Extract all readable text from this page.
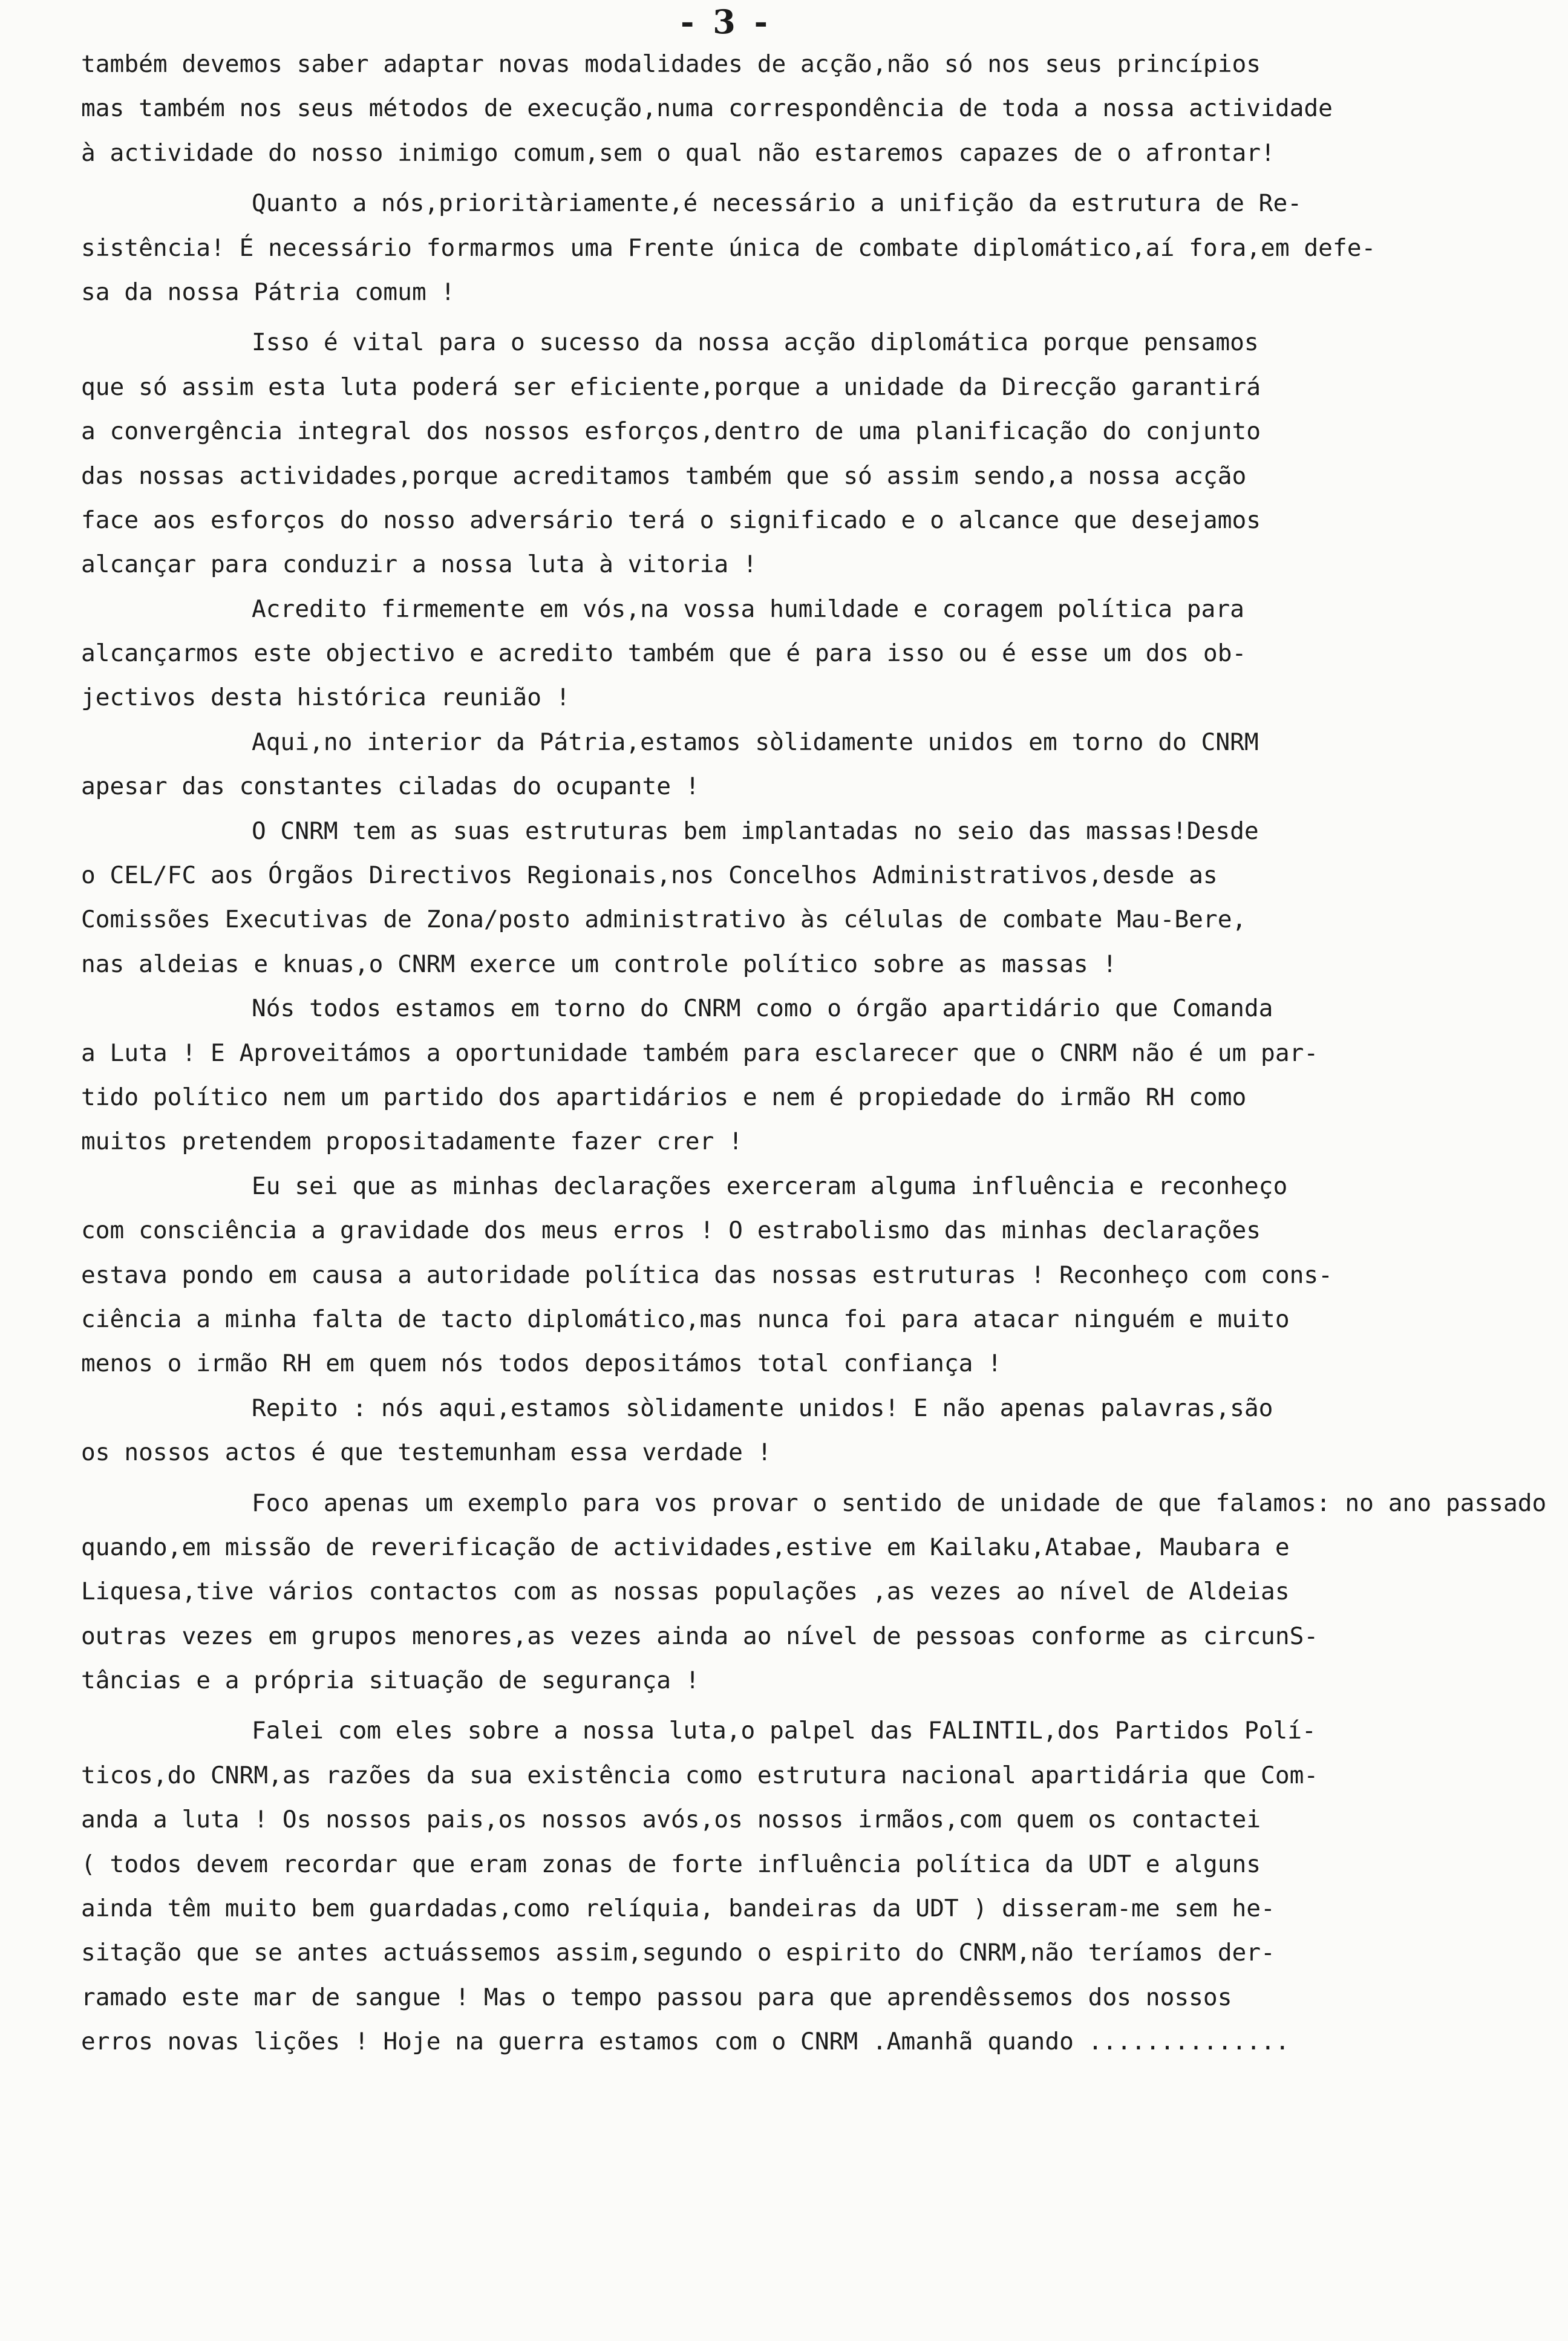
- 3 -
também devemos saber adaptar novas modalidades de acção,não só nos seus princípios
mas também nos seus métodos de execução,numa correspondência de toda a nossa actividade
à actividade do nosso inimigo comum,sem o qual não estaremos capazes de o afrontar!
Quanto a nós,prioritàriamente,é necessário a unifição da estrutura de Re-
sistência! É necessário formarmos uma Frente única de combate diplomático,aí fora,em defe-
sa da nossa Pátria comum !
Isso é vital para o sucesso da nossa acção diplomática porque pensamos
que só assim esta luta poderá ser eficiente,porque a unidade da Direcção garantirá
a convergência integral dos nossos esforços,dentro de uma planificação do conjunto
das nossas actividades,porque acreditamos também que só assim sendo,a nossa acção
face aos esforços do nosso adversário terá o significado e o alcance que desejamos
alcançar para conduzir a nossa luta à vitoria !
Acredito firmemente em vós,na vossa humildade e coragem política para
alcançarmos este objectivo e acredito também que é para isso ou é esse um dos ob-
jectivos desta histórica reunião !
Aqui,no interior da Pátria,estamos sòlidamente unidos em torno do CNRM
apesar das constantes ciladas do ocupante !
O CNRM tem as suas estruturas bem implantadas no seio das massas!Desde
o CEL/FC aos Órgãos Directivos Regionais,nos Concelhos Administrativos,desde as
Comissões Executivas de Zona/posto administrativo às células de combate Mau-Bere,
nas aldeias e knuas,o CNRM exerce um controle político sobre as massas !
Nós todos estamos em torno do CNRM como o órgão apartidário que Comanda
a Luta ! E Aproveitámos a oportunidade também para esclarecer que o CNRM não é um par-
tido político nem um partido dos apartidários e nem é propiedade do irmão RH como
muitos pretendem propositadamente fazer crer !
Eu sei que as minhas declarações exerceram alguma influência e reconheço
com consciência a gravidade dos meus erros ! O estrabolismo das minhas declarações
estava pondo em causa a autoridade política das nossas estruturas ! Reconheço com cons-
ciência a minha falta de tacto diplomático,mas nunca foi para atacar ninguém e muito
menos o irmão RH em quem nós todos depositámos total confiança !
Repito : nós aqui,estamos sòlidamente unidos! E não apenas palavras,são
os nossos actos é que testemunham essa verdade !
Foco apenas um exemplo para vos provar o sentido de unidade de que falamos: no ano passado
quando,em missão de reverificação de actividades,estive em Kailaku,Atabae, Maubara e
Liquesa,tive vários contactos com as nossas populações ,as vezes ao nível de Aldeias
outras vezes em grupos menores,as vezes ainda ao nível de pessoas conforme as circunS-
tâncias e a própria situação de segurança !
Falei com eles sobre a nossa luta,o palpel das FALINTIL,dos Partidos Polí-
ticos,do CNRM,as razões da sua existência como estrutura nacional apartidária que Com-
anda a luta ! Os nossos pais,os nossos avós,os nossos irmãos,com quem os contactei
( todos devem recordar que eram zonas de forte influência política da UDT e alguns
ainda têm muito bem guardadas,como relíquia, bandeiras da UDT ) disseram-me sem he-
sitação que se antes actuássemos assim,segundo o espirito do CNRM,não teríamos der-
ramado este mar de sangue ! Mas o tempo passou para que aprendêssemos dos nossos
erros novas lições ! Hoje na guerra estamos com o CNRM .Amanhã quando ..............
